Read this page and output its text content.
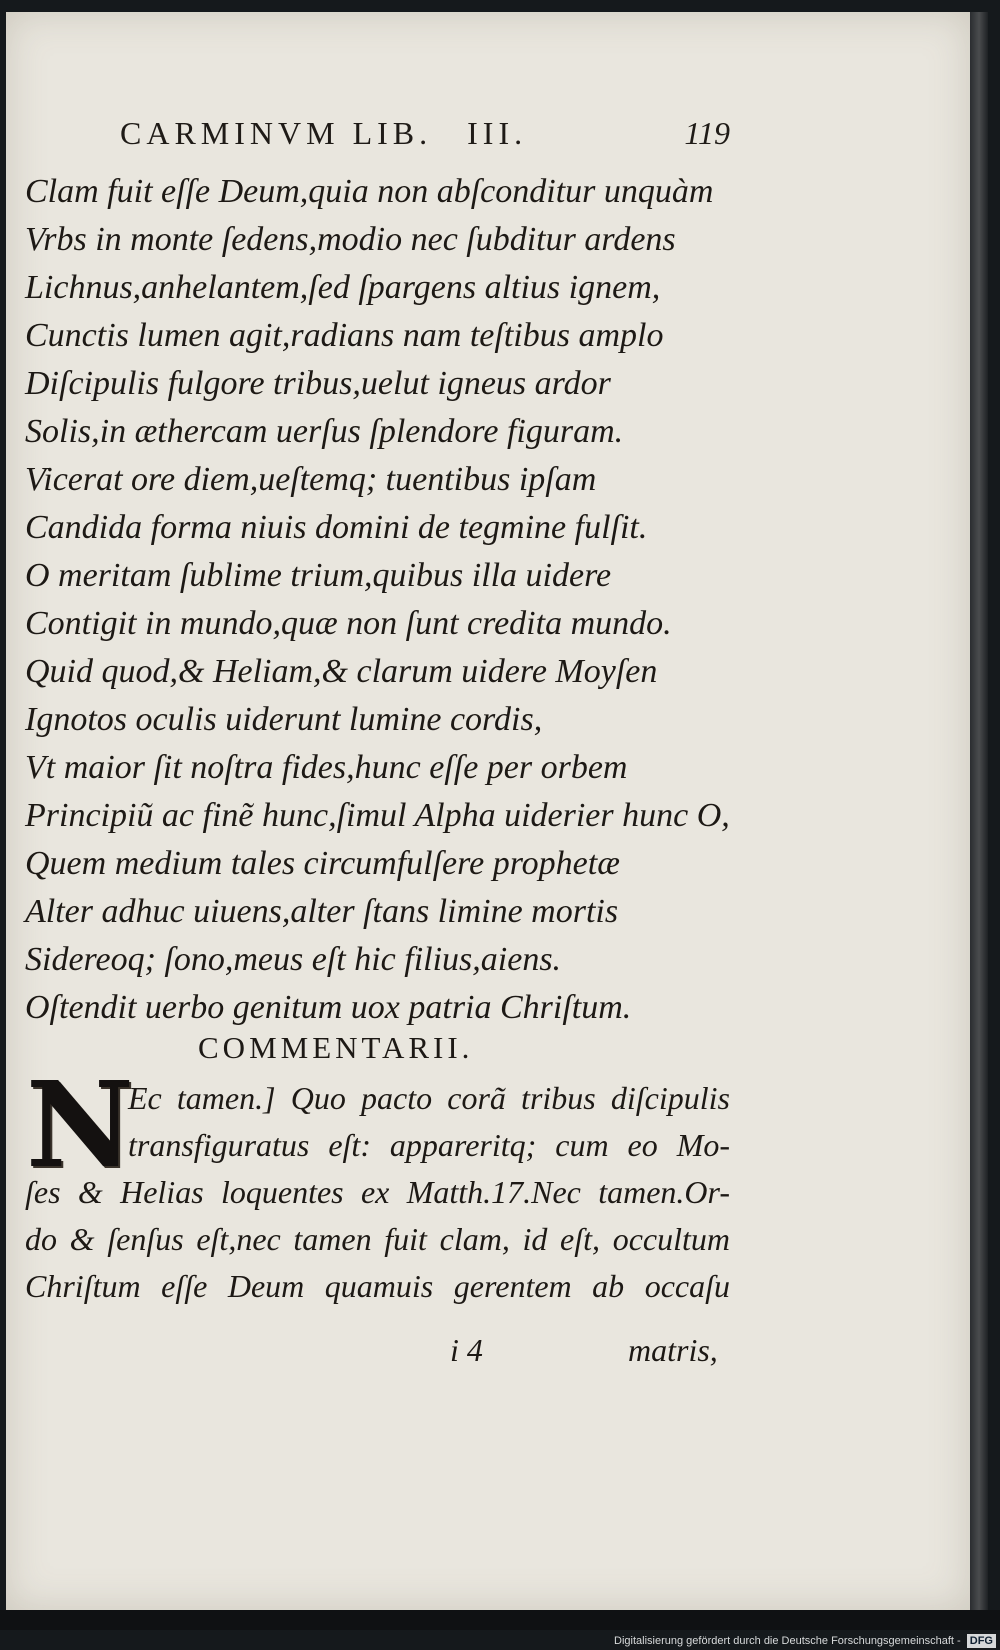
CARMINVM LIB. III.	119
Clam fuit eſſe Deum,quia non abſconditur unquàm
Vrbs in monte ſedens,modio nec ſubditur ardens
Lichnus,anhelantem,ſed ſpargens altius ignem,
Cunctis lumen agit,radians nam teſtibus amplo
Diſcipulis fulgore tribus,uelut igneus ardor
Solis,in æthercam uerſus ſplendore figuram.
Vicerat ore diem,ueſtemq; tuentibus ipſam
Candida forma niuis domini de tegmine fulſit.
O meritam ſublime trium,quibus illa uidere
Contigit in mundo,quæ non ſunt credita mundo.
Quid quod,& Heliam,& clarum uidere Moyſen
Ignotos oculis uiderunt lumine cordis,
Vt maior ſit noſtra fides,hunc eſſe per orbem
Principiũ ac finẽ hunc,ſimul Alpha uiderier hunc O,
Quem medium tales circumfulſere prophetæ
Alter adhuc uiuens,alter ſtans limine mortis
Sidereoq; ſono,meus eſt hic filius,aiens.
Oſtendit uerbo genitum uox patria Chriſtum.
COMMENTARII.
N
Ec tamen.] Quo pacto corã tribus diſcipulis
transfiguratus eſt: appareritq; cum eo Mo-
ſes & Helias loquentes ex Matth.17.Nec tamen.Or-
do & ſenſus eſt,nec tamen fuit clam, id eſt, occultum
Chriſtum eſſe Deum quamuis gerentem ab occaſu
i 4	matris,
Digitalisierung gefördert durch die Deutsche Forschungsgemeinschaft - DFG
